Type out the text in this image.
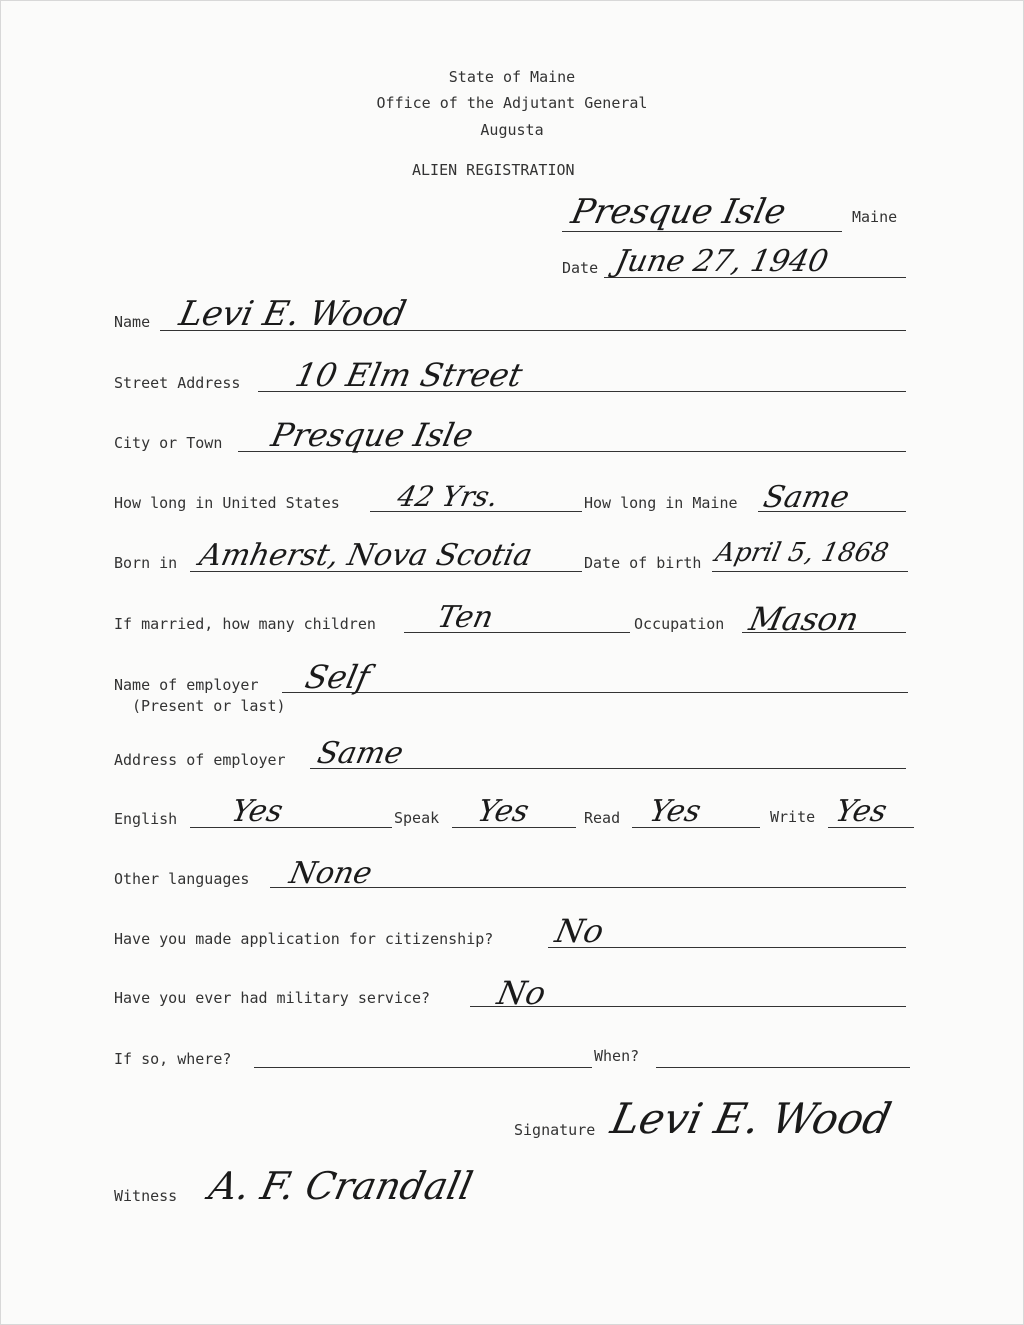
State of Maine
Office of the Adjutant General
Augusta
ALIEN REGISTRATION
Presque Isle	Maine
Date June 27, 1940
Name Levi E. Wood
Street Address 10 Elm Street
City or Town Presque Isle
How long in United States 42 Yrs.	How long in Maine Same
Born in Amherst, Nova Scotia	Date of birth April 5, 1868
If married, how many children Ten	Occupation Mason
Name of employer
(Present or last)
Self
Address of employer Same
English Yes	Speak Yes	Read Yes	Write Yes
Other languages None
Have you made application for citizenship? No
Have you ever had military service? No
If so, where?	When?
Signature Levi E. Wood
Witness A. F. Crandall
